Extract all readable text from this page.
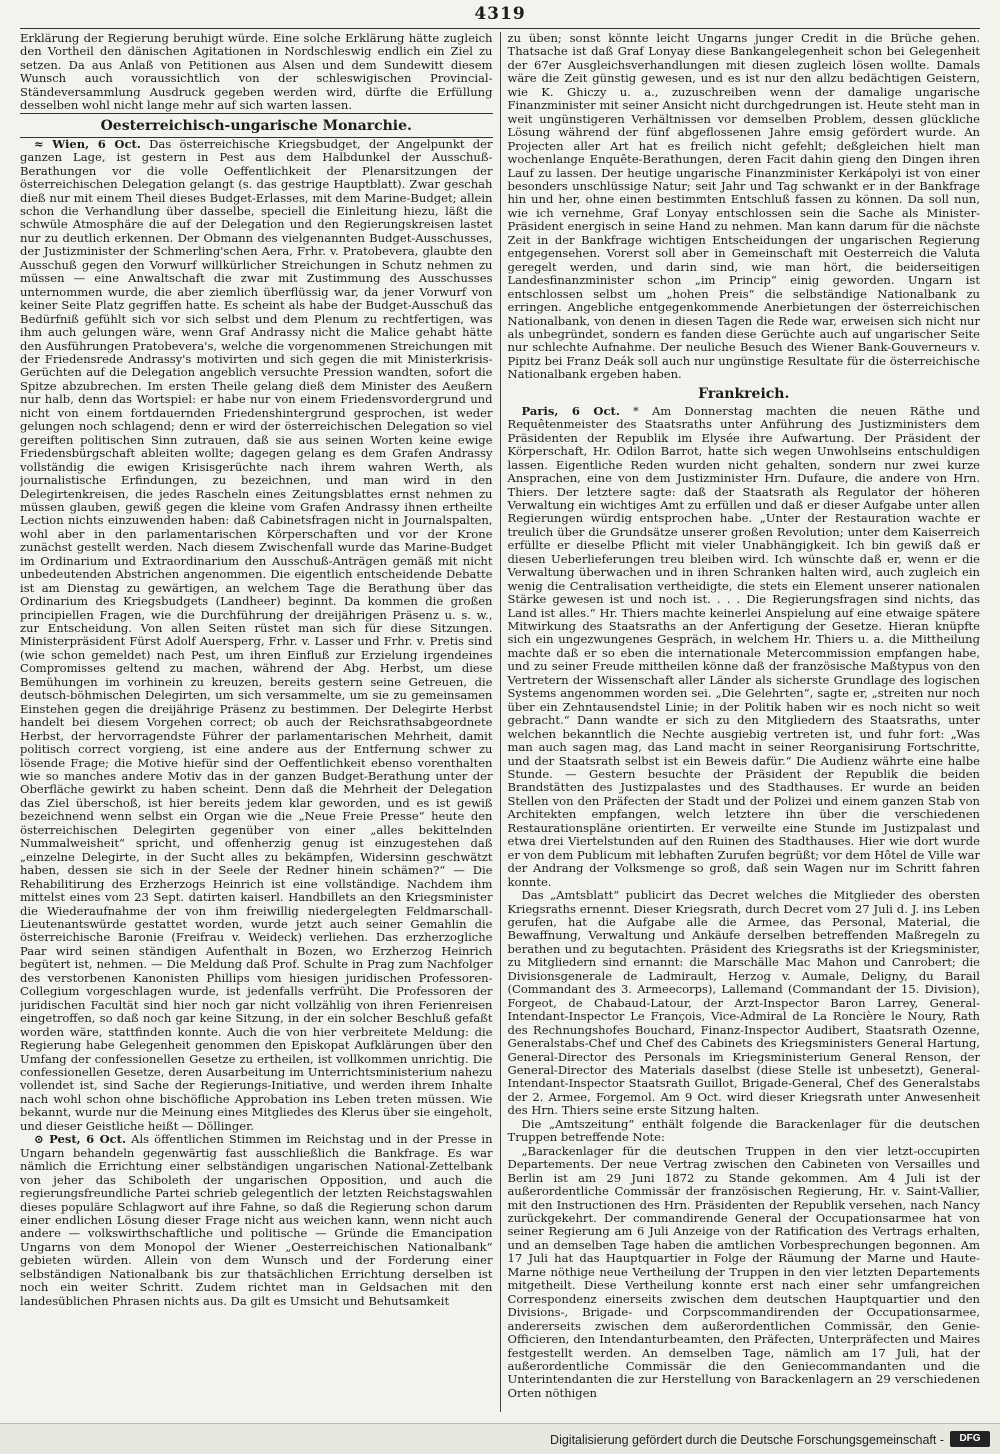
4319

Erklärung der Regierung beruhigt würde. Eine solche Erklärung hätte zugleich den Vortheil den dänischen Agitationen in Nordschleswig endlich ein Ziel zu setzen. Da aus Anlaß von Petitionen aus Alsen und dem Sundewitt diesem Wunsch auch voraussichtlich von der schleswigischen Provincial-Ständeversammlung Ausdruck gegeben werden wird, dürfte die Erfüllung desselben wohl nicht lange mehr auf sich warten lassen.

Oesterreichisch-ungarische Monarchie.

≈ Wien, 6 Oct. Das österreichische Kriegsbudget, der Angelpunkt der ganzen Lage, ist gestern in Pest aus dem Halbdunkel der Ausschuß-Berathungen vor die volle Oeffentlichkeit der Plenarsitzungen der österreichischen Delegation gelangt (s. das gestrige Hauptblatt). Zwar geschah dieß nur mit einem Theil dieses Budget-Erlasses, mit dem Marine-Budget; allein schon die Verhandlung über dasselbe, speciell die Einleitung hiezu, läßt die schwüle Atmosphäre die auf der Delegation und den Regierungskreisen lastet nur zu deutlich erkennen. Der Obmann des vielgenannten Budget-Ausschusses, der Justizminister der Schmerling'schen Aera, Frhr. v. Pratobevera, glaubte den Ausschuß gegen den Vorwurf willkürlicher Streichungen in Schutz nehmen zu müssen — eine Anwaltschaft die zwar mit Zustimmung des Ausschusses unternommen wurde, die aber ziemlich überflüssig war, da jener Vorwurf von keiner Seite Platz gegriffen hatte. Es scheint als habe der Budget-Ausschuß das Bedürfniß gefühlt sich vor sich selbst und dem Plenum zu rechtfertigen, was ihm auch gelungen wäre, wenn Graf Andrassy nicht die Malice gehabt hätte den Ausführungen Pratobevera's, welche die vorgenommenen Streichungen mit der Friedensrede Andrassy's motivirten und sich gegen die mit Ministerkrisis-Gerüchten auf die Delegation angeblich versuchte Pression wandten, sofort die Spitze abzubrechen. Im ersten Theile gelang dieß dem Minister des Aeußern nur halb, denn das Wortspiel: er habe nur von einem Friedensvordergrund und nicht von einem fortdauernden Friedenshintergrund gesprochen, ist weder gelungen noch schlagend; denn er wird der österreichischen Delegation so viel gereiften politischen Sinn zutrauen, daß sie aus seinen Worten keine ewige Friedensbürgschaft ableiten wollte; dagegen gelang es dem Grafen Andrassy vollständig die ewigen Krisisgerüchte nach ihrem wahren Werth, als journalistische Erfindungen, zu bezeichnen, und man wird in den Delegirtenkreisen, die jedes Rascheln eines Zeitungsblattes ernst nehmen zu müssen glauben, gewiß gegen die kleine vom Grafen Andrassy ihnen ertheilte Lection nichts einzuwenden haben: daß Cabinetsfragen nicht in Journalspalten, wohl aber in den parlamentarischen Körperschaften und vor der Krone zunächst gestellt werden. Nach diesem Zwischenfall wurde das Marine-Budget im Ordinarium und Extraordinarium den Ausschuß-Anträgen gemäß mit nicht unbedeutenden Abstrichen angenommen. Die eigentlich entscheidende Debatte ist am Dienstag zu gewärtigen, an welchem Tage die Berathung über das Ordinarium des Kriegsbudgets (Landheer) beginnt. Da kommen die großen principiellen Fragen, wie die Durchführung der dreijährigen Präsenz u. s. w., zur Entscheidung. Von allen Seiten rüstet man sich für diese Sitzungen. Ministerpräsident Fürst Adolf Auersperg, Frhr. v. Lasser und Frhr. v. Pretis sind (wie schon gemeldet) nach Pest, um ihren Einfluß zur Erzielung irgendeines Compromisses geltend zu machen, während der Abg. Herbst, um diese Bemühungen im vorhinein zu kreuzen, bereits gestern seine Getreuen, die deutsch-böhmischen Delegirten, um sich versammelte, um sie zu gemeinsamen Einstehen gegen die dreijährige Präsenz zu bestimmen. Der Delegirte Herbst handelt bei diesem Vorgehen correct; ob auch der Reichsrathsabgeordnete Herbst, der hervorragendste Führer der parlamentarischen Mehrheit, damit politisch correct vorgieng, ist eine andere aus der Entfernung schwer zu lösende Frage; die Motive hiefür sind der Oeffentlichkeit ebenso vorenthalten wie so manches andere Motiv das in der ganzen Budget-Berathung unter der Oberfläche gewirkt zu haben scheint. Denn daß die Mehrheit der Delegation das Ziel überschoß, ist hier bereits jedem klar geworden, und es ist gewiß bezeichnend wenn selbst ein Organ wie die „Neue Freie Presse“ heute den österreichischen Delegirten gegenüber von einer „alles bekittelnden Nummalweisheit“ spricht, und offenherzig genug ist einzugestehen daß „einzelne Delegirte, in der Sucht alles zu bekämpfen, Widersinn geschwätzt haben, dessen sie sich in der Seele der Redner hinein schämen?“ — Die Rehabilitirung des Erzherzogs Heinrich ist eine vollständige. Nachdem ihm mittelst eines vom 23 Sept. datirten kaiserl. Handbillets an den Kriegsminister die Wiederaufnahme der von ihm freiwillig niedergelegten Feldmarschall-Lieutenantswürde gestattet worden, wurde jetzt auch seiner Gemahlin die österreichische Baronie (Freifrau v. Weideck) verliehen. Das erzherzogliche Paar wird seinen ständigen Aufenthalt in Bozen, wo Erzherzog Heinrich begütert ist, nehmen. — Die Meldung daß Prof. Schulte in Prag zum Nachfolger des verstorbenen Kanonisten Phillips vom hiesigen juridischen Professoren-Collegium vorgeschlagen wurde, ist jedenfalls verfrüht. Die Professoren der juridischen Facultät sind hier noch gar nicht vollzählig von ihren Ferienreisen eingetroffen, so daß noch gar keine Sitzung, in der ein solcher Beschluß gefaßt worden wäre, stattfinden konnte. Auch die von hier verbreitete Meldung: die Regierung habe Gelegenheit genommen den Episkopat Aufklärungen über den Umfang der confessionellen Gesetze zu ertheilen, ist vollkommen unrichtig. Die confessionellen Gesetze, deren Ausarbeitung im Unterrichtsministerium nahezu vollendet ist, sind Sache der Regierungs-Initiative, und werden ihrem Inhalte nach wohl schon ohne bischöfliche Approbation ins Leben treten müssen. Wie bekannt, wurde nur die Meinung eines Mitgliedes des Klerus über sie eingeholt, und dieser Geistliche heißt — Döllinger.

⊙ Pest, 6 Oct. Als öffentlichen Stimmen im Reichstag und in der Presse in Ungarn behandeln gegenwärtig fast ausschließlich die Bankfrage. Es war nämlich die Errichtung einer selbständigen ungarischen National-Zettelbank von jeher das Schiboleth der ungarischen Opposition, und auch die regierungsfreundliche Partei schrieb gelegentlich der letzten Reichstagswahlen dieses populäre Schlagwort auf ihre Fahne, so daß die Regierung schon darum einer endlichen Lösung dieser Frage nicht aus weichen kann, wenn nicht auch andere — volkswirthschaftliche und politische — Gründe die Emancipation Ungarns von dem Monopol der Wiener „Oesterreichischen Nationalbank“ gebieten würden. Allein von dem Wunsch und der Forderung einer selbständigen Nationalbank bis zur thatsächlichen Errichtung derselben ist noch ein weiter Schritt. Zudem richtet man in Geldsachen mit den landesüblichen Phrasen nichts aus. Da gilt es Umsicht und Behutsamkeit

zu üben; sonst könnte leicht Ungarns junger Credit in die Brüche gehen. Thatsache ist daß Graf Lonyay diese Bankangelegenheit schon bei Gelegenheit der 67er Ausgleichsverhandlungen mit diesen zugleich lösen wollte. Damals wäre die Zeit günstig gewesen, und es ist nur den allzu bedächtigen Geistern, wie K. Ghiczy u. a., zuzuschreiben wenn der damalige ungarische Finanzminister mit seiner Ansicht nicht durchgedrungen ist. Heute steht man in weit ungünstigeren Verhältnissen vor demselben Problem, dessen glückliche Lösung während der fünf abgeflossenen Jahre emsig gefördert wurde. An Projecten aller Art hat es freilich nicht gefehlt; deßgleichen hielt man wochenlange Enquête-Berathungen, deren Facit dahin gieng den Dingen ihren Lauf zu lassen. Der heutige ungarische Finanzminister Kerkápolyi ist von einer besonders unschlüssige Natur; seit Jahr und Tag schwankt er in der Bankfrage hin und her, ohne einen bestimmten Entschluß fassen zu können. Da soll nun, wie ich vernehme, Graf Lonyay entschlossen sein die Sache als Minister-Präsident energisch in seine Hand zu nehmen. Man kann darum für die nächste Zeit in der Bankfrage wichtigen Entscheidungen der ungarischen Regierung entgegensehen. Vorerst soll aber in Gemeinschaft mit Oesterreich die Valuta geregelt werden, und darin sind, wie man hört, die beiderseitigen Landesfinanzminister schon „im Princip“ einig geworden. Ungarn ist entschlossen selbst um „hohen Preis“ die selbständige Nationalbank zu erringen. Angebliche entgegenkommende Anerbietungen der österreichischen Nationalbank, von denen in diesen Tagen die Rede war, erweisen sich nicht nur als unbegründet, sondern es fanden diese Gerüchte auch auf ungarischer Seite nur schlechte Aufnahme. Der neuliche Besuch des Wiener Bank-Gouverneurs v. Pipitz bei Franz Deák soll auch nur ungünstige Resultate für die österreichische Nationalbank ergeben haben.

Frankreich.

Paris, 6 Oct. * Am Donnerstag machten die neuen Räthe und Requêtenmeister des Staatsraths unter Anführung des Justizministers dem Präsidenten der Republik im Elysée ihre Aufwartung. Der Präsident der Körperschaft, Hr. Odilon Barrot, hatte sich wegen Unwohlseins entschuldigen lassen. Eigentliche Reden wurden nicht gehalten, sondern nur zwei kurze Ansprachen, eine von dem Justizminister Hrn. Dufaure, die andere von Hrn. Thiers. Der letztere sagte: daß der Staatsrath als Regulator der höheren Verwaltung ein wichtiges Amt zu erfüllen und daß er dieser Aufgabe unter allen Regierungen würdig entsprochen habe. „Unter der Restauration wachte er treulich über die Grundsätze unserer großen Revolution; unter dem Kaiserreich erfüllte er dieselbe Pflicht mit vieler Unabhängigkeit. Ich bin gewiß daß er diesen Ueberlieferungen treu bleiben wird. Ich wünschte daß er, wenn er die Verwaltung überwachen und in ihren Schranken halten wird, auch zugleich ein wenig die Centralisation vertheidigte, die stets ein Element unserer nationalen Stärke gewesen ist und noch ist. . . . Die Regierungsfragen sind nichts, das Land ist alles.“ Hr. Thiers machte keinerlei Anspielung auf eine etwaige spätere Mitwirkung des Staatsraths an der Anfertigung der Gesetze. Hieran knüpfte sich ein ungezwungenes Gespräch, in welchem Hr. Thiers u. a. die Mittheilung machte daß er so eben die internationale Metercommission empfangen habe, und zu seiner Freude mittheilen könne daß der französische Maßtypus von den Vertretern der Wissenschaft aller Länder als sicherste Grundlage des logischen Systems angenommen worden sei. „Die Gelehrten“, sagte er, „streiten nur noch über ein Zehntausendstel Linie; in der Politik haben wir es noch nicht so weit gebracht.“ Dann wandte er sich zu den Mitgliedern des Staatsraths, unter welchen bekanntlich die Nechte ausgiebig vertreten ist, und fuhr fort: „Was man auch sagen mag, das Land macht in seiner Reorganisirung Fortschritte, und der Staatsrath selbst ist ein Beweis dafür.“ Die Audienz währte eine halbe Stunde. — Gestern besuchte der Präsident der Republik die beiden Brandstätten des Justizpalastes und des Stadthauses. Er wurde an beiden Stellen von den Präfecten der Stadt und der Polizei und einem ganzen Stab von Architekten empfangen, welch letztere ihn über die verschiedenen Restaurationspläne orientirten. Er verweilte eine Stunde im Justizpalast und etwa drei Viertelstunden auf den Ruinen des Stadthauses. Hier wie dort wurde er von dem Publicum mit lebhaften Zurufen begrüßt; vor dem Hôtel de Ville war der Andrang der Volksmenge so groß, daß sein Wagen nur im Schritt fahren konnte.

Das „Amtsblatt“ publicirt das Decret welches die Mitglieder des obersten Kriegsraths ernennt. Dieser Kriegsrath, durch Decret vom 27 Juli d. J. ins Leben gerufen, hat die Aufgabe alle die Armee, das Personal, Material, die Bewaffnung, Verwaltung und Ankäufe derselben betreffenden Maßregeln zu berathen und zu begutachten. Präsident des Kriegsraths ist der Kriegsminister, zu Mitgliedern sind ernannt: die Marschälle Mac Mahon und Canrobert; die Divisionsgenerale de Ladmirault, Herzog v. Aumale, Deligny, du Barail (Commandant des 3. Armeecorps), Lallemand (Commandant der 15. Division), Forgeot, de Chabaud-Latour, der Arzt-Inspector Baron Larrey, General-Intendant-Inspector Le François, Vice-Admiral de La Roncière le Noury, Rath des Rechnungshofes Bouchard, Finanz-Inspector Audibert, Staatsrath Ozenne, Generalstabs-Chef und Chef des Cabinets des Kriegsministers General Hartung, General-Director des Personals im Kriegsministerium General Renson, der General-Director des Materials daselbst (diese Stelle ist unbesetzt), General-Intendant-Inspector Staatsrath Guillot, Brigade-General, Chef des Generalstabs der 2. Armee, Forgemol. Am 9 Oct. wird dieser Kriegsrath unter Anwesenheit des Hrn. Thiers seine erste Sitzung halten.

Die „Amtszeitung“ enthält folgende die Barackenlager für die deutschen Truppen betreffende Note:

„Barackenlager für die deutschen Truppen in den vier letzt-occupirten Departements. Der neue Vertrag zwischen den Cabineten von Versailles und Berlin ist am 29 Juni 1872 zu Stande gekommen. Am 4 Juli ist der außerordentliche Commissär der französischen Regierung, Hr. v. Saint-Vallier, mit den Instructionen des Hrn. Präsidenten der Republik versehen, nach Nancy zurückgekehrt. Der commandirende General der Occupationsarmee hat von seiner Regierung am 6 Juli Anzeige von der Ratification des Vertrags erhalten, und an demselben Tage haben die amtlichen Vorbesprechungen begonnen. Am 17 Juli hat das Hauptquartier in Folge der Räumung der Marne und Haute-Marne nöthige neue Vertheilung der Truppen in den vier letzten Departements mitgetheilt. Diese Vertheilung konnte erst nach einer sehr umfangreichen Correspondenz einerseits zwischen dem deutschen Hauptquartier und den Divisions-, Brigade- und Corpscommandirenden der Occupationsarmee, andererseits zwischen dem außerordentlichen Commissär, den Genie-Officieren, den Intendanturbeamten, den Präfecten, Unterpräfecten und Maires festgestellt werden. An demselben Tage, nämlich am 17 Juli, hat der außerordentliche Commissär die den Geniecommandanten und die Unterintendanten die zur Herstellung von Barackenlagern an 29 verschiedenen Orten nöthigen

Digitalisierung gefördert durch die Deutsche Forschungsgemeinschaft -	DFG
